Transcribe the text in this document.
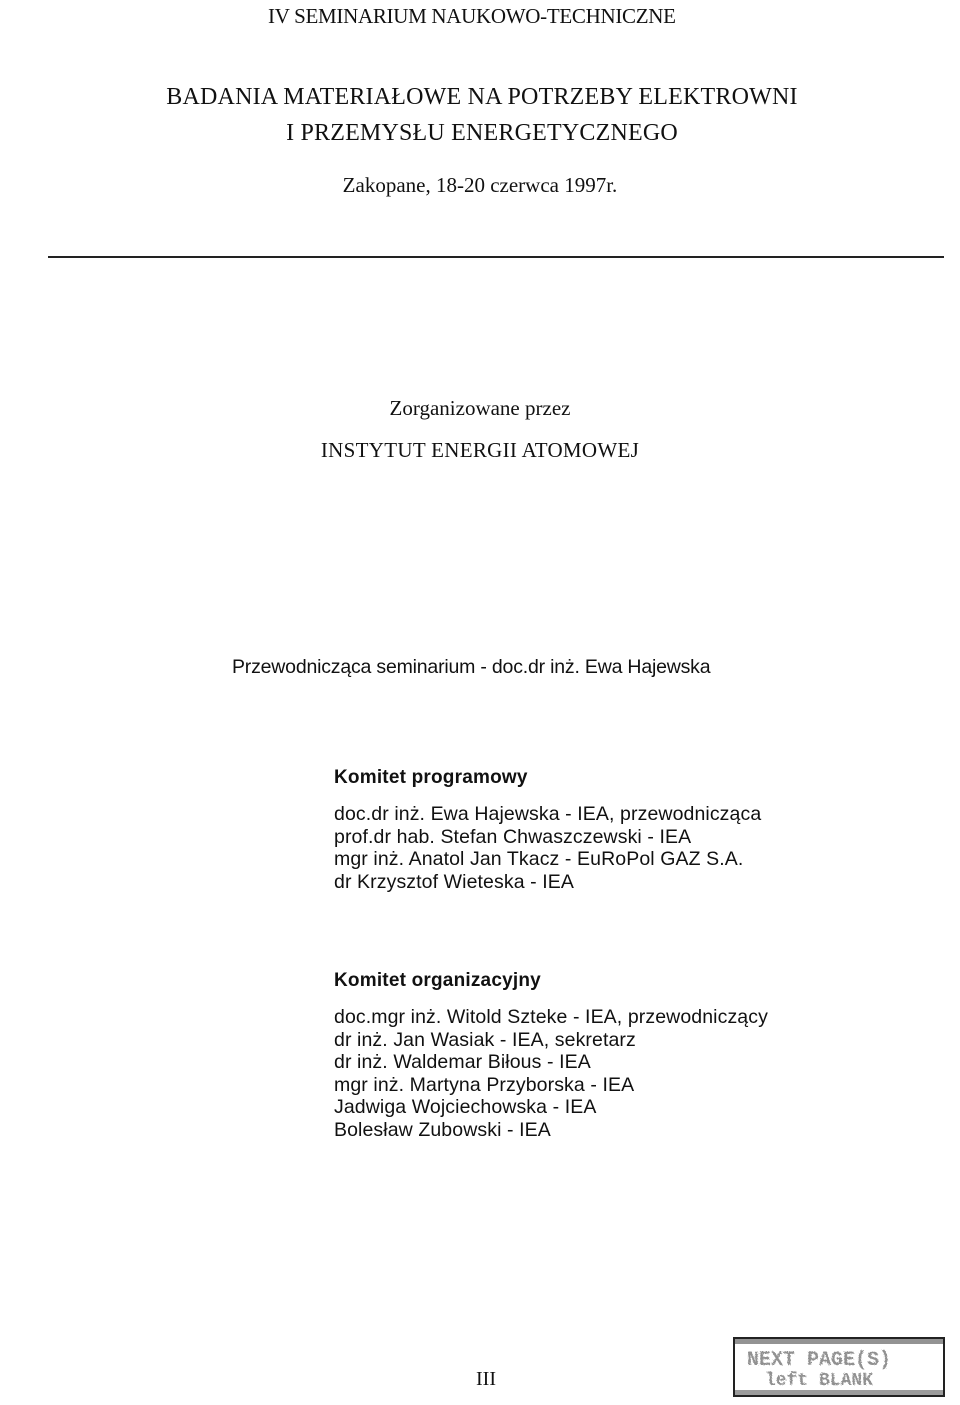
IV SEMINARIUM NAUKOWO-TECHNICZNE
BADANIA MATERIAŁOWE NA POTRZEBY ELEKTROWNI
I PRZEMYSŁU ENERGETYCZNEGO
Zakopane, 18-20 czerwca 1997r.
Zorganizowane przez
INSTYTUT ENERGII ATOMOWEJ
Przewodnicząca seminarium - doc.dr inż. Ewa Hajewska
Komitet programowy
doc.dr inż. Ewa Hajewska - IEA, przewodnicząca
prof.dr hab. Stefan Chwaszczewski - IEA
mgr inż. Anatol Jan Tkacz - EuRoPol GAZ S.A.
dr Krzysztof Wieteska - IEA
Komitet organizacyjny
doc.mgr inż. Witold Szteke - IEA, przewodniczący
dr inż. Jan Wasiak - IEA, sekretarz
dr inż. Waldemar Biłous - IEA
mgr inż. Martyna Przyborska - IEA
Jadwiga Wojciechowska - IEA
Bolesław Zubowski - IEA
III
NEXT PAGE(S)
left BLANK
